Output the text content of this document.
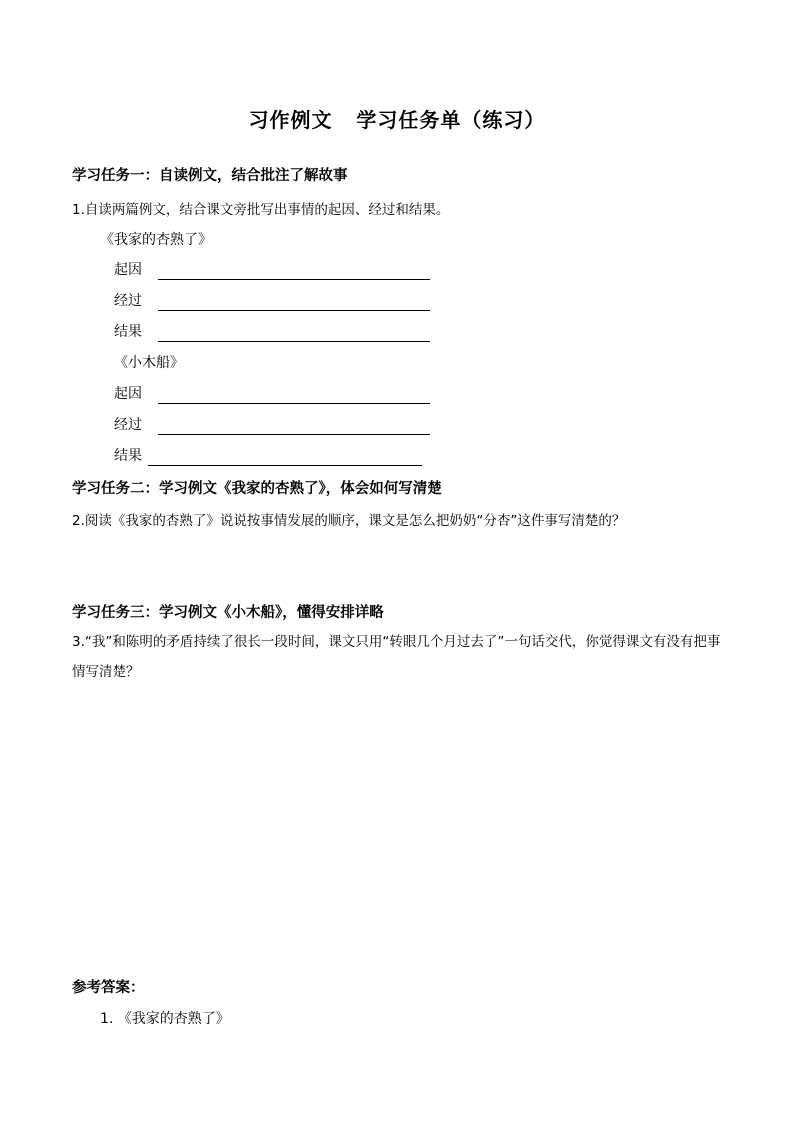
习作例文   学习任务单（练习）
学习任务一：自读例文，结合批注了解故事
1.自读两篇例文，结合课文旁批写出事情的起因、经过和结果。
《我家的杏熟了》
起因
经过
结果
《小木船》
起因
经过
结果
学习任务二：学习例文《我家的杏熟了》，体会如何写清楚
2.阅读《我家的杏熟了》说说按事情发展的顺序，课文是怎么把奶奶“分杏”这件事写清楚的？
学习任务三：学习例文《小木船》，懂得安排详略
3.“我”和陈明的矛盾持续了很长一段时间，课文只用“转眼几个月过去了”一句话交代，你觉得课文有没有把事情写清楚？
参考答案：
1. 《我家的杏熟了》
